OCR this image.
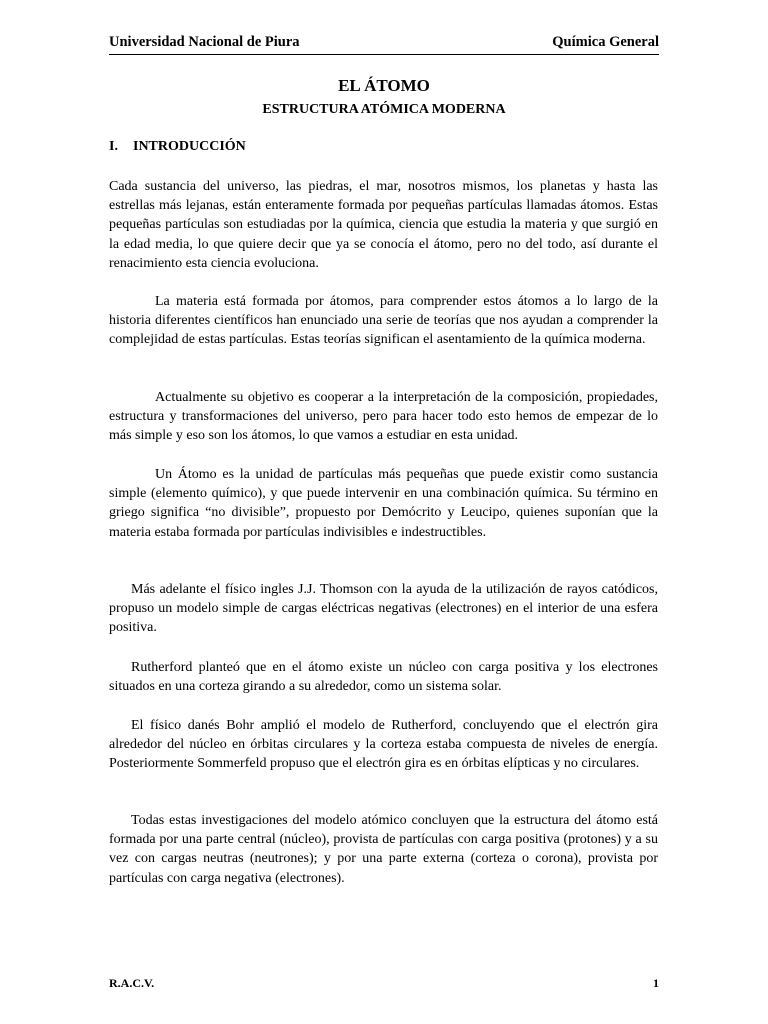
Universidad Nacional de Piura	Química General
EL ÁTOMO
ESTRUCTURA ATÓMICA MODERNA
I. INTRODUCCIÓN

Cada sustancia del universo, las piedras, el mar, nosotros mismos, los planetas y hasta las estrellas más lejanas, están enteramente formada por pequeñas partículas llamadas átomos. Estas pequeñas partículas son estudiadas por la química, ciencia que estudia la materia y que surgió en la edad media, lo que quiere decir que ya se conocía el átomo, pero no del todo, así durante el renacimiento esta ciencia evoluciona.

La materia está formada por átomos, para comprender estos átomos a lo largo de la historia diferentes científicos han enunciado una serie de teorías que nos ayudan a comprender la complejidad de estas partículas. Estas teorías significan el asentamiento de la química moderna.

Actualmente su objetivo es cooperar a la interpretación de la composición, propiedades, estructura y transformaciones del universo, pero para hacer todo esto hemos de empezar de lo más simple y eso son los átomos, lo que vamos a estudiar en esta unidad.

Un Átomo es la unidad de partículas más pequeñas que puede existir como sustancia simple (elemento químico), y que puede intervenir en una combinación química. Su término en griego significa “no divisible”, propuesto por Demócrito y Leucipo, quienes suponían que la materia estaba formada por partículas indivisibles e indestructibles.

Más adelante el físico ingles J.J. Thomson con la ayuda de la utilización de rayos catódicos, propuso un modelo simple de cargas eléctricas negativas (electrones) en el interior de una esfera positiva.

Rutherford planteó que en el átomo existe un núcleo con carga positiva y los electrones situados en una corteza girando a su alrededor, como un sistema solar.

El físico danés Bohr amplió el modelo de Rutherford, concluyendo que el electrón gira alrededor del núcleo en órbitas circulares y la corteza estaba compuesta de niveles de energía. Posteriormente Sommerfeld propuso que el electrón gira es en órbitas elípticas y no circulares.

Todas estas investigaciones del modelo atómico concluyen que la estructura del átomo está formada por una parte central (núcleo), provista de partículas con carga positiva (protones) y a su vez con cargas neutras (neutrones); y por una parte externa (corteza o corona), provista por partículas con carga negativa (electrones).

R.A.C.V.	1
